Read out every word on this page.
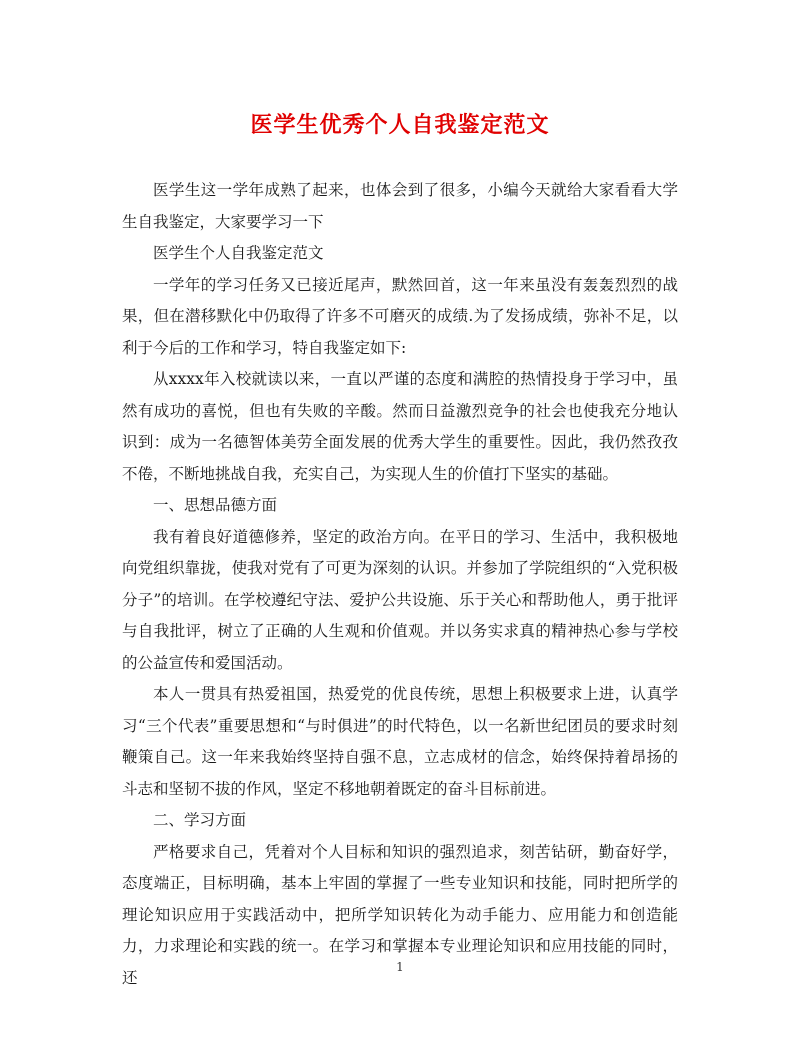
医学生优秀个人自我鉴定范文

医学生这一学年成熟了起来，也体会到了很多，小编今天就给大家看看大学生自我鉴定，大家要学习一下

医学生个人自我鉴定范文

一学年的学习任务又已接近尾声，默然回首，这一年来虽没有轰轰烈烈的战果，但在潜移默化中仍取得了许多不可磨灭的成绩.为了发扬成绩，弥补不足，以利于今后的工作和学习，特自我鉴定如下:

从xxxx年入校就读以来，一直以严谨的态度和满腔的热情投身于学习中，虽然有成功的喜悦，但也有失败的辛酸。然而日益激烈竞争的社会也使我充分地认识到：成为一名德智体美劳全面发展的优秀大学生的重要性。因此，我仍然孜孜不倦，不断地挑战自我，充实自己，为实现人生的价值打下坚实的基础。

一、思想品德方面

我有着良好道德修养，坚定的政治方向。在平日的学习、生活中，我积极地向党组织靠拢，使我对党有了可更为深刻的认识。并参加了学院组织的“入党积极分子”的培训。在学校遵纪守法、爱护公共设施、乐于关心和帮助他人，勇于批评与自我批评，树立了正确的人生观和价值观。并以务实求真的精神热心参与学校的公益宣传和爱国活动。

本人一贯具有热爱祖国，热爱党的优良传统，思想上积极要求上进，认真学习“三个代表”重要思想和“与时俱进”的时代特色，以一名新世纪团员的要求时刻鞭策自己。这一年来我始终坚持自强不息，立志成材的信念，始终保持着昂扬的斗志和坚韧不拔的作风，坚定不移地朝着既定的奋斗目标前进。

二、学习方面

严格要求自己，凭着对个人目标和知识的强烈追求，刻苦钻研，勤奋好学，态度端正，目标明确，基本上牢固的掌握了一些专业知识和技能，同时把所学的理论知识应用于实践活动中，把所学知识转化为动手能力、应用能力和创造能力，力求理论和实践的统一。在学习和掌握本专业理论知识和应用技能的同时，还

1
